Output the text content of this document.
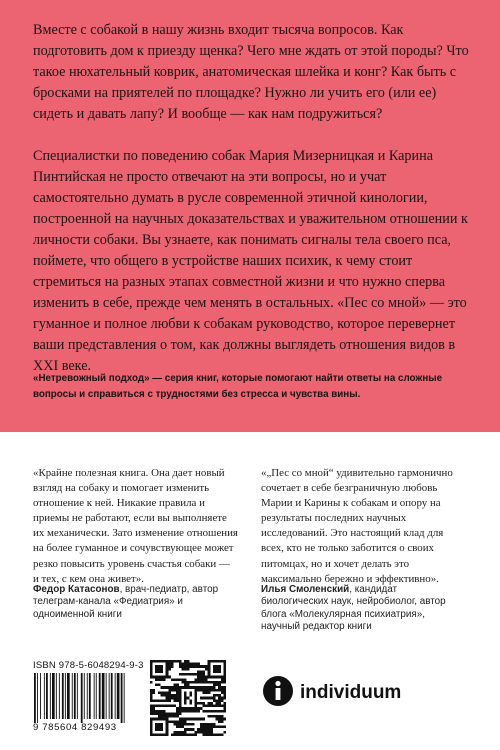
Вместе с собакой в нашу жизнь входит тысяча вопросов. Как подготовить дом к приезду щенка? Чего мне ждать от этой породы? Что такое нюхательный коврик, анатомическая шлейка и конг? Как быть с бросками на приятелей по площадке? Нужно ли учить его (или ее) сидеть и давать лапу? И вообще — как нам подружиться?

Специалистки по поведению собак Мария Мизерницкая и Карина Пинтийская не просто отвечают на эти вопросы, но и учат самостоятельно думать в русле современной этичной кинологии, построенной на научных доказательствах и уважительном отношении к личности собаки. Вы узнаете, как понимать сигналы тела своего пса, поймете, что общего в устройстве наших психик, к чему стоит стремиться на разных этапах совместной жизни и что нужно сперва изменить в себе, прежде чем менять в остальных. «Пес со мной» — это гуманное и полное любви к собакам руководство, которое перевернет ваши представления о том, как должны выглядеть отношения видов в XXI веке.

«Нетревожный подход» — серия книг, которые помогают найти ответы на сложные вопросы и справиться с трудностями без стресса и чувства вины.

«Крайне полезная книга. Она дает новый взгляд на собаку и помогает изменить отношение к ней. Никакие правила и приемы не работают, если вы выполняете их механически. Зато изменение отношения на более гуманное и сочувствующее может резко повысить уровень счастья собаки — и тех, с кем она живет».

«„Пес со мной“ удивительно гармонично сочетает в себе безграничную любовь Марии и Карины к собакам и опору на результаты последних научных исследований. Это настоящий клад для всех, кто не только заботится о своих питомцах, но и хочет делать это максимально бережно и эффективно».

Федор Катасонов, врач-педиатр, автор телеграм-канала «Федиатрия» и одноименной книги

Илья Смоленский, кандидат биологических наук, нейробиолог, автор блога «Молекулярная психиатрия», научный редактор книги

ISBN 978-5-6048294-9-3
9 785604 829493
individuum
